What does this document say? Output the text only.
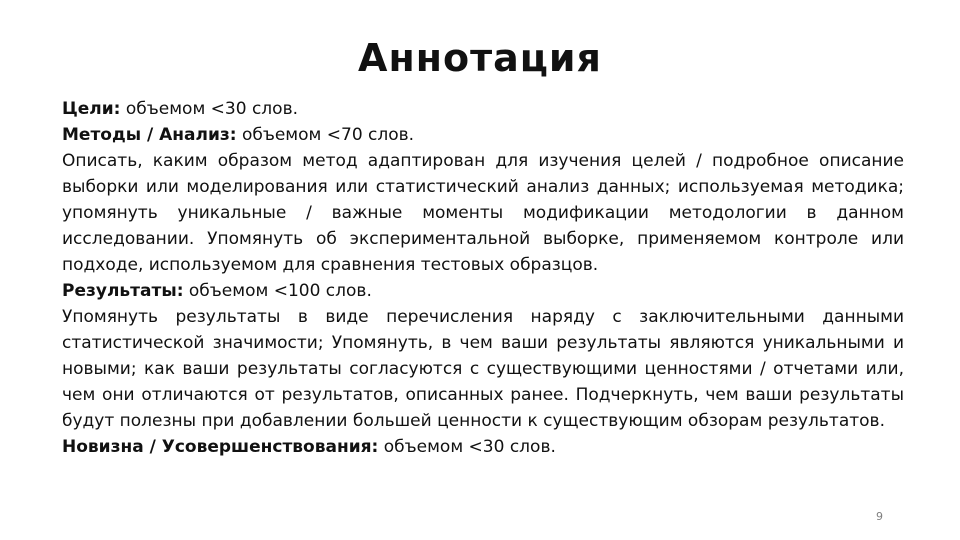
Аннотация

Цели: объемом <30 слов.

Методы / Анализ: объемом <70 слов.

Описать, каким образом метод адаптирован для изучения целей / подробное описание выборки или моделирования или статистический анализ данных; используемая методика; упомянуть уникальные / важные моменты модификации методологии в данном исследовании. Упомянуть об экспериментальной выборке, применяемом контроле или подходе, используемом для сравнения тестовых образцов.

Результаты: объемом <100 слов.

Упомянуть результаты в виде перечисления наряду с заключительными данными статистической значимости; Упомянуть, в чем ваши результаты являются уникальными и новыми; как ваши результаты согласуются с существующими ценностями / отчетами или, чем они отличаются от результатов, описанных ранее. Подчеркнуть, чем ваши результаты будут полезны при добавлении большей ценности к существующим обзорам результатов.

Новизна / Усовершенствования: объемом <30 слов.

9
